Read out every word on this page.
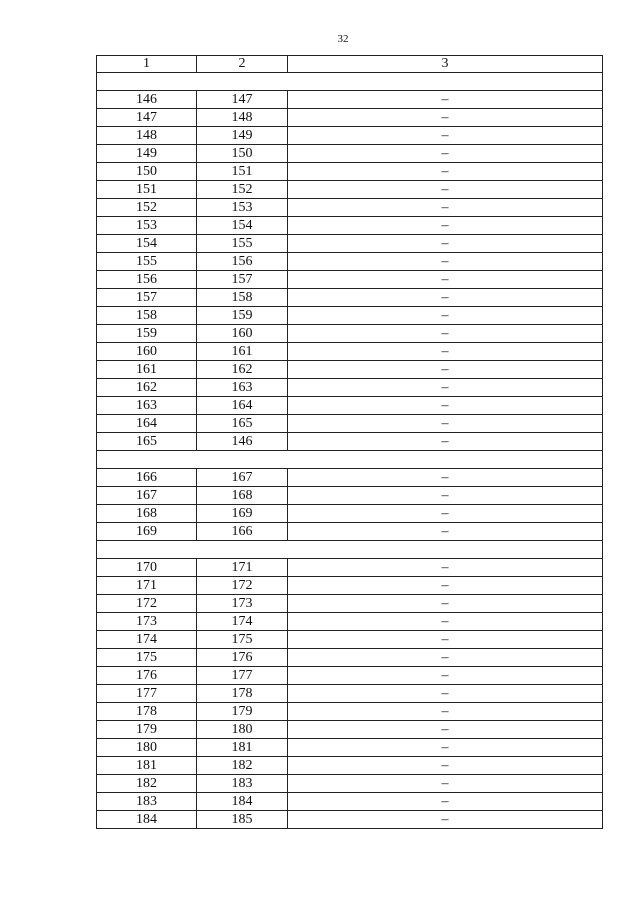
32
1	2	3

146	147	–
147	148	–
148	149	–
149	150	–
150	151	–
151	152	–
152	153	–
153	154	–
154	155	–
155	156	–
156	157	–
157	158	–
158	159	–
159	160	–
160	161	–
161	162	–
162	163	–
163	164	–
164	165	–
165	146	–

166	167	–
167	168	–
168	169	–
169	166	–

170	171	–
171	172	–
172	173	–
173	174	–
174	175	–
175	176	–
176	177	–
177	178	–
178	179	–
179	180	–
180	181	–
181	182	–
182	183	–
183	184	–
184	185	–
